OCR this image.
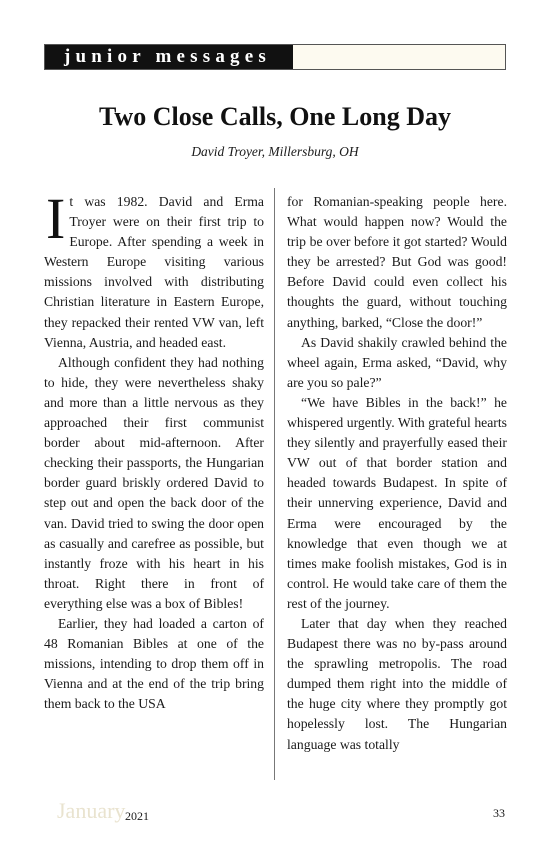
junior messages
Two Close Calls, One Long Day
David Troyer, Millersburg, OH

It was 1982. David and Erma Troyer were on their first trip to Europe. After spending a week in Western Europe visiting various missions involved with distributing Christian literature in Eastern Europe, they repacked their rented VW van, left Vienna, Austria, and headed east.

Although confident they had nothing to hide, they were nevertheless shaky and more than a little nervous as they approached their first communist border about mid-afternoon. After checking their passports, the Hungarian border guard briskly ordered David to step out and open the back door of the van. David tried to swing the door open as casually and carefree as possible, but instantly froze with his heart in his throat. Right there in front of everything else was a box of Bibles!

Earlier, they had loaded a carton of 48 Romanian Bibles at one of the missions, intending to drop them off in Vienna and at the end of the trip bring them back to the USA

for Romanian-speaking people here. What would happen now? Would the trip be over before it got started? Would they be arrested? But God was good! Before David could even collect his thoughts the guard, without touching anything, barked, “Close the door!”

As David shakily crawled behind the wheel again, Erma asked, “David, why are you so pale?”

“We have Bibles in the back!” he whispered urgently. With grateful hearts they silently and prayerfully eased their VW out of that border station and headed towards Budapest. In spite of their unnerving experience, David and Erma were encouraged by the knowledge that even though we at times make foolish mistakes, God is in control. He would take care of them the rest of the journey.

Later that day when they reached Budapest there was no by-pass around the sprawling metropolis. The road dumped them right into the middle of the huge city where they promptly got hopelessly lost. The Hungarian language was totally

January 2021	33
